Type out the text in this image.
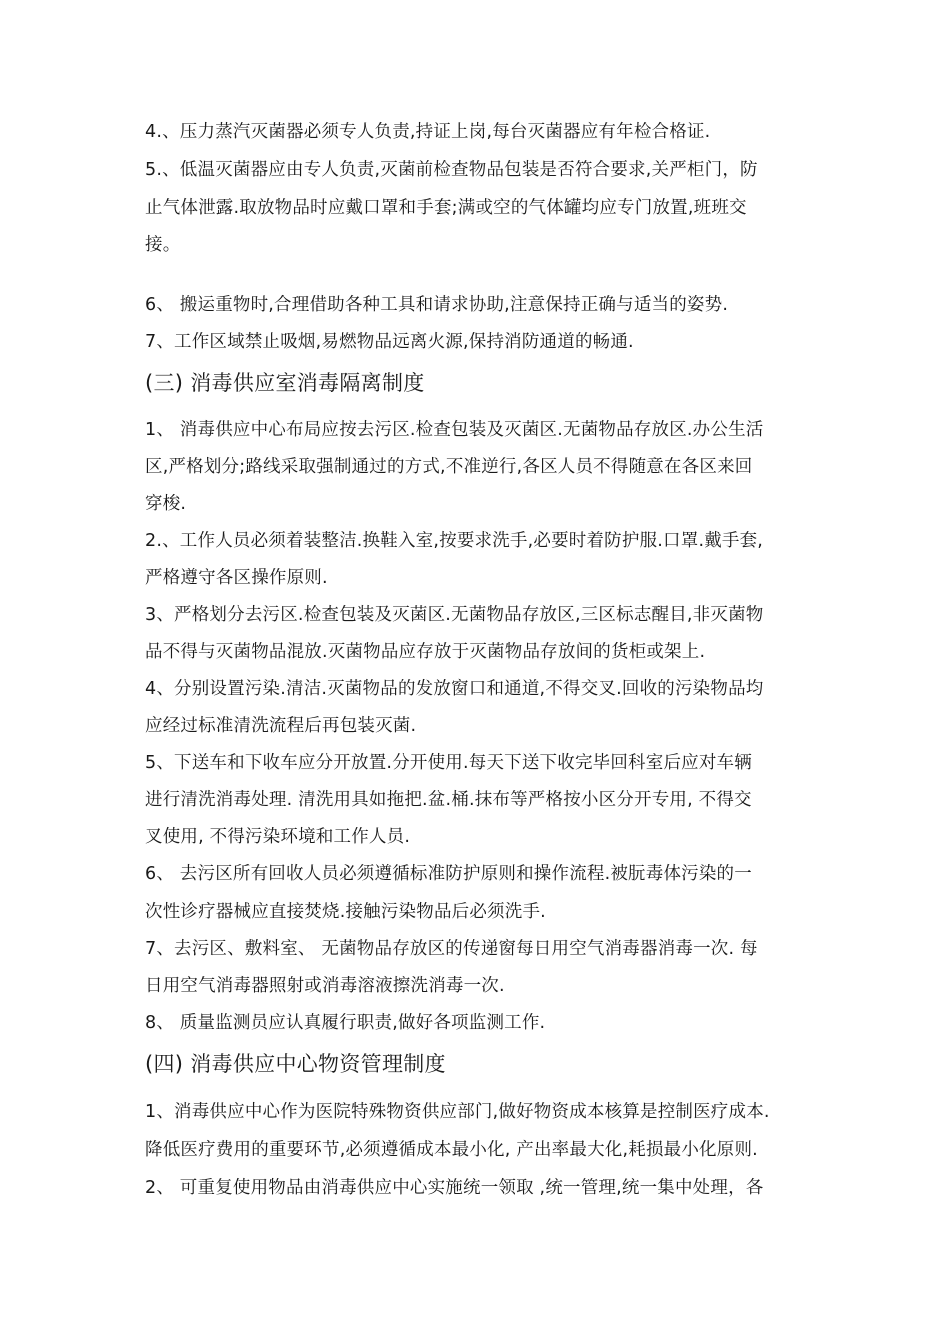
4.、压力蒸汽灭菌器必须专人负责,持证上岗,每台灭菌器应有年检合格证.
5.、低温灭菌器应由专人负责,灭菌前检查物品包装是否符合要求,关严柜门，防
止气体泄露.取放物品时应戴口罩和手套;满或空的气体罐均应专门放置,班班交
接。
6、 搬运重物时,合理借助各种工具和请求协助,注意保持正确与适当的姿势.
7、工作区域禁止吸烟,易燃物品远离火源,保持消防通道的畅通.
(三) 消毒供应室消毒隔离制度
1、 消毒供应中心布局应按去污区.检查包装及灭菌区.无菌物品存放区.办公生活
区,严格划分;路线采取强制通过的方式,不准逆行,各区人员不得随意在各区来回
穿梭.
2.、工作人员必须着装整洁.换鞋入室,按要求洗手,必要时着防护服.口罩.戴手套,
严格遵守各区操作原则.
3、严格划分去污区.检查包装及灭菌区.无菌物品存放区,三区标志醒目,非灭菌物
品不得与灭菌物品混放.灭菌物品应存放于灭菌物品存放间的货柜或架上.
4、分别设置污染.清洁.灭菌物品的发放窗口和通道,不得交叉.回收的污染物品均
应经过标准清洗流程后再包装灭菌.
5、下送车和下收车应分开放置.分开使用.每天下送下收完毕回科室后应对车辆
进行清洗消毒处理. 清洗用具如拖把.盆.桶.抹布等严格按小区分开专用, 不得交
叉使用, 不得污染环境和工作人员.
6、 去污区所有回收人员必须遵循标准防护原则和操作流程.被朊毒体污染的一
次性诊疗器械应直接焚烧.接触污染物品后必须洗手.
7、去污区、敷料室、 无菌物品存放区的传递窗每日用空气消毒器消毒一次. 每
日用空气消毒器照射或消毒溶液擦洗消毒一次.
8、 质量监测员应认真履行职责,做好各项监测工作.
(四) 消毒供应中心物资管理制度
1、消毒供应中心作为医院特殊物资供应部门,做好物资成本核算是控制医疗成本.
降低医疗费用的重要环节,必须遵循成本最小化, 产出率最大化,耗损最小化原则.
2、 可重复使用物品由消毒供应中心实施统一领取 ,统一管理,统一集中处理，各
